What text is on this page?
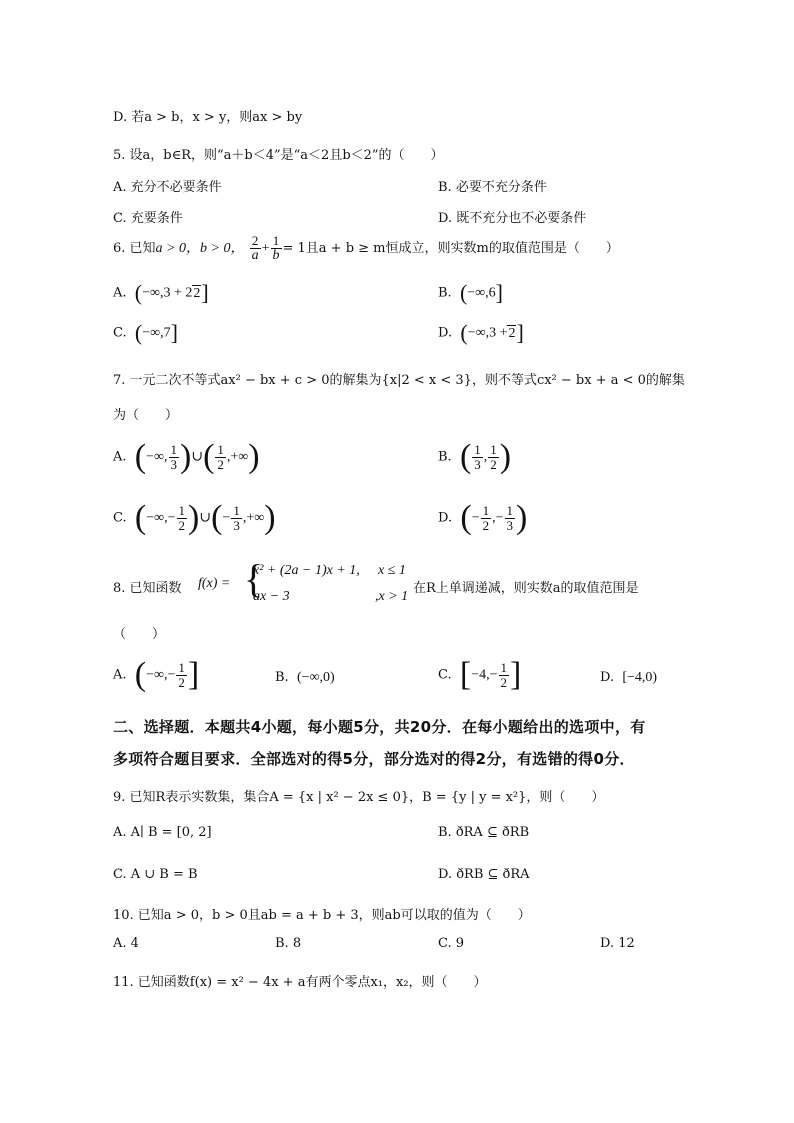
D. 若a > b，x > y，则ax > by
5. 设a，b∈R，则“a＋b＜4”是“a＜2且b＜2”的（　　）
A. 充分不必要条件	B. 必要不充分条件
C. 充要条件	D. 既不充分也不必要条件
6. 已知a > 0，b > 0， $\frac{2}{a} + \frac{1}{b} = 1$且a + b ≥ m恒成立，则实数m的取值范围是（　　）
A. (−∞,3 + 22]	B. (−∞,6]
C. (−∞,7]	D. (−∞,3 +2]
7. 一元二次不等式ax² − bx + c > 0的解集为{x|2 < x < 3}，则不等式cx² − bx + a < 0的解集
为（　　）
A. (−∞, $\frac{1}{3}$ )∪( $\frac{1}{2}$ ,+∞)	B. ( $\frac{1}{3}$ , $\frac{1}{2}$ )
C. (−∞,− $\frac{1}{2}$ )∪(− $\frac{1}{3}$ ,+∞)	D. (− $\frac{1}{2}$ ,− $\frac{1}{3}$ )
8. 已知函数 f(x) = {
x² + (2a − 1)x + 1, x ≤ 1
ax − 3	,x > 1
在R上单调递减，则实数a的取值范围是
（　　）
A. (−∞,− $\frac{1}{2}$ ]	B. (−∞,0)	C. [$-4,- \frac{1}{2}$ ]	D. [−4,0)
二、选择题．本题共4小题，每小题5分，共20分．在每小题给出的选项中，有
多项符合题目要求．全部选对的得5分，部分选对的得2分，有选错的得0分．
9. 已知R表示实数集，集合A = {x | x² − 2x ≤ 0}，B = {y | y = x²}，则（　　）
A. A∣ B = [0, 2]	B. ðRA ⊆ ðRB
C. A ∪ B = B	D. ðRB ⊆ ðRA
10. 已知a > 0，b > 0且ab = a + b + 3，则ab可以取的值为（　　）
A. 4	B. 8	C. 9	D. 12
11. 已知函数f(x) = x² − 4x + a有两个零点x₁，x₂，则（　　）
